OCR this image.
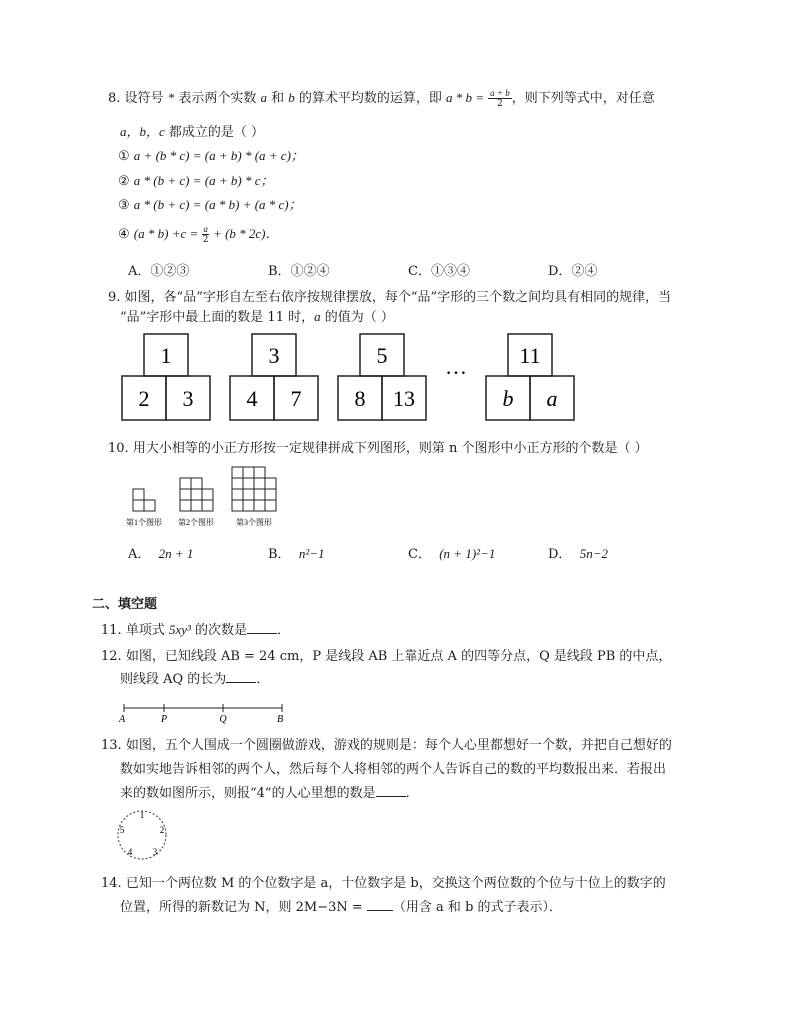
8. 设符号 * 表示两个实数 a 和 b 的算术平均数的运算，即 $a * b = \frac{a + b}{2}$ ，则下列等式中，对任意
a，b，c 都成立的是（ ）
① a + (b * c) = (a + b) * (a + c)；
② a * (b + c) = (a + b) * c；
③ a * (b + c) = (a * b) + (a * c)；
④ $(a * b) +c = \frac{a}{2} + (b * 2c)$．
A．①②③	B．①②④	C．①③④	D．②④
9. 如图，各“品”字形自左至右依序按规律摆放，每个“品”字形的三个数之间均具有相同的规律，当
“品”字形中最上面的数是 11 时，a 的值为（ ）
1
2 3
3
4 7
5
8 13
… 11
b a
10. 用大小相等的小正方形按一定规律拼成下列图形，则第 n 个图形中小正方形的个数是（ ）
第1个图形 第2个图形	第3个图形
A． 2n + 1	B． n²−1	C． (n + 1)²−1	D． 5n−2
二、填空题
11. 单项式 5xy³ 的次数是 ．
12. 如图，已知线段 AB = 24 cm，P 是线段 AB 上靠近点 A 的四等分点，Q 是线段 PB 的中点，
则线段 AQ 的长为 ．
A	P	Q	B
13. 如图，五个人围成一个圆圈做游戏，游戏的规则是：每个人心里都想好一个数，并把自己想好的
数如实地告诉相邻的两个人，然后每个人将相邻的两个人告诉自己的数的平均数报出来．若报出
来的数如图所示，则报“4”的人心里想的数是 ．
1
2
3
4
5
14. 已知一个两位数 M 的个位数字是 a，十位数字是 b，交换这个两位数的个位与十位上的数字的
位置，所得的新数记为 N，则 2M−3N = （用含 a 和 b 的式子表示）．
